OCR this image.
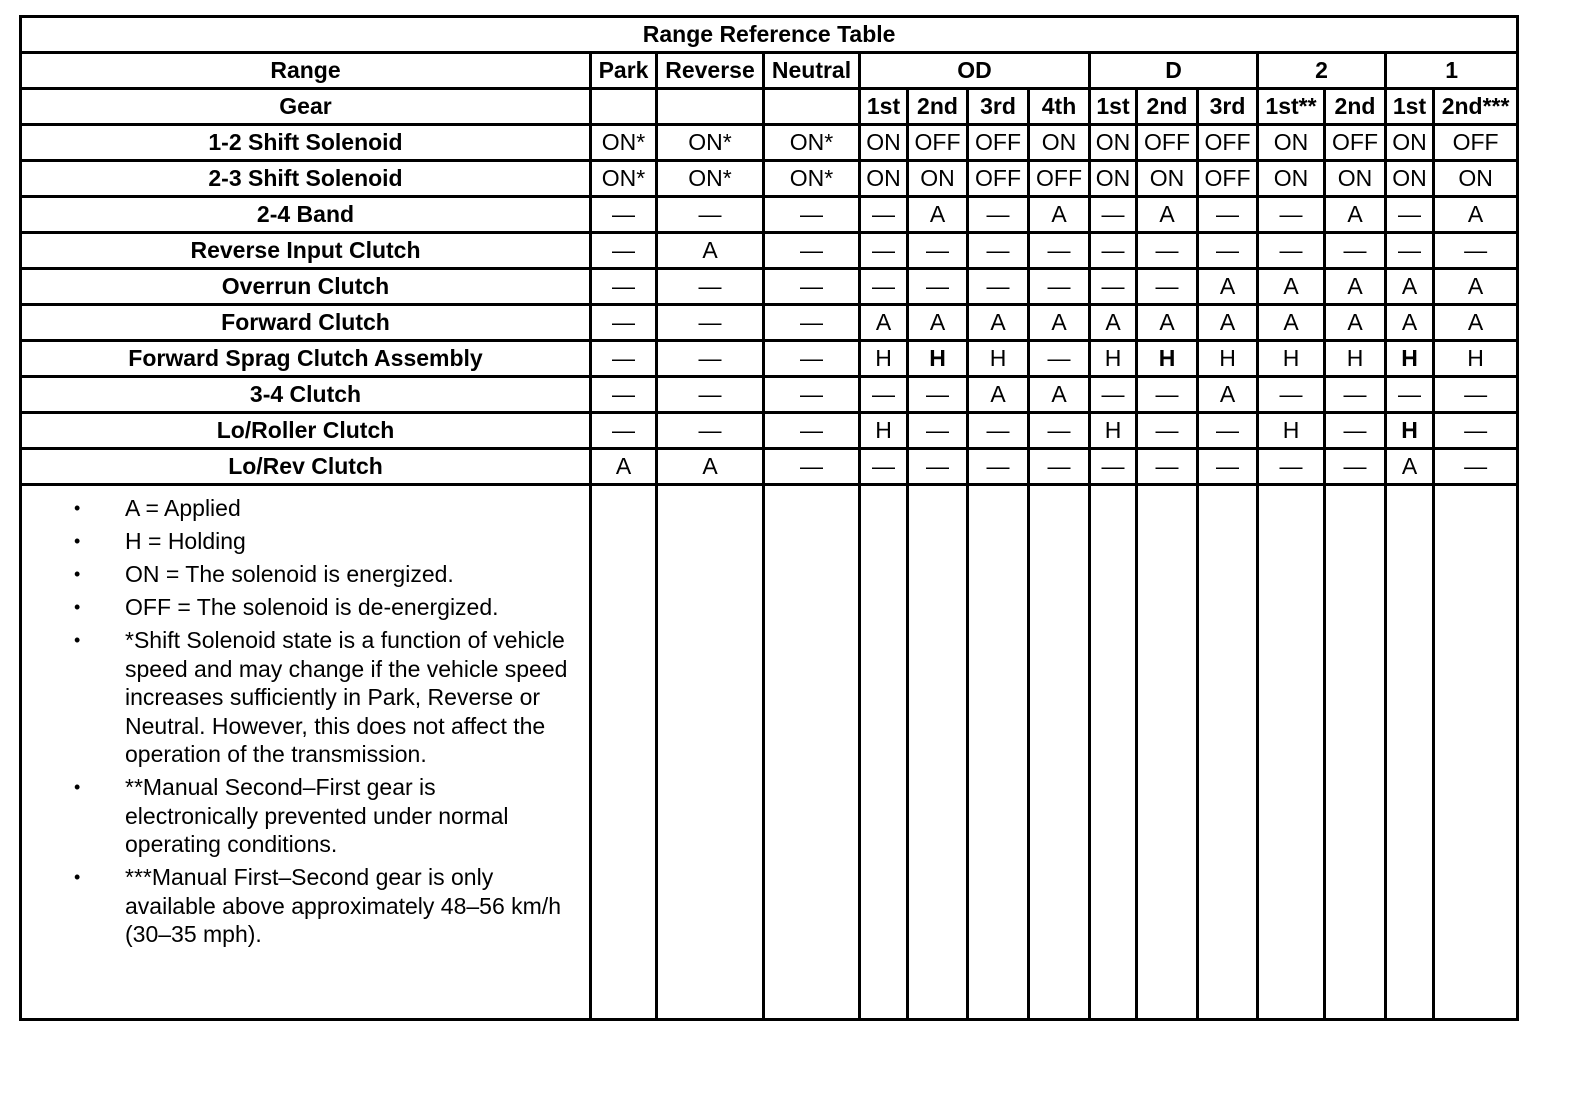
Range Reference Table														
Range	Park	Reverse	Neutral	OD				D			2		1	
Gear				1st	2nd	3rd	4th	1st	2nd	3rd	1st**	2nd	1st	2nd***
1-2 Shift Solenoid	ON*	ON*	ON*	ON	OFF	OFF	ON	ON	OFF	OFF	ON	OFF	ON	OFF
2-3 Shift Solenoid	ON*	ON*	ON*	ON	ON	OFF	OFF	ON	ON	OFF	ON	ON	ON	ON
2-4 Band	—	—	—	—	A	—	A	—	A	—	—	A	—	A
Reverse Input Clutch	—	A	—	—	—	—	—	—	—	—	—	—	—	—
Overrun Clutch	—	—	—	—	—	—	—	—	—	A	A	A	A	A
Forward Clutch	—	—	—	A	A	A	A	A	A	A	A	A	A	A
Forward Sprag Clutch Assembly	—	—	—	H	H	H	—	H	H	H	H	H	H	H
3-4 Clutch	—	—	—	—	—	A	A	—	—	A	—	—	—	—
Lo/Roller Clutch	—	—	—	H	—	—	—	H	—	—	H	—	H	—
Lo/Rev Clutch	A	A	—	—	—	—	—	—	—	—	—	—	A	—

• A = Applied
• H = Holding
• ON = The solenoid is energized.
• OFF = The solenoid is de-energized.
• *Shift Solenoid state is a function of vehicle speed and may change if the vehicle speed increases sufficiently in Park, Reverse or Neutral. However, this does not affect the operation of the transmission.
• **Manual Second–First gear is electronically prevented under normal operating conditions.
• ***Manual First–Second gear is only available above approximately 48–56 km/h (30–35 mph).
